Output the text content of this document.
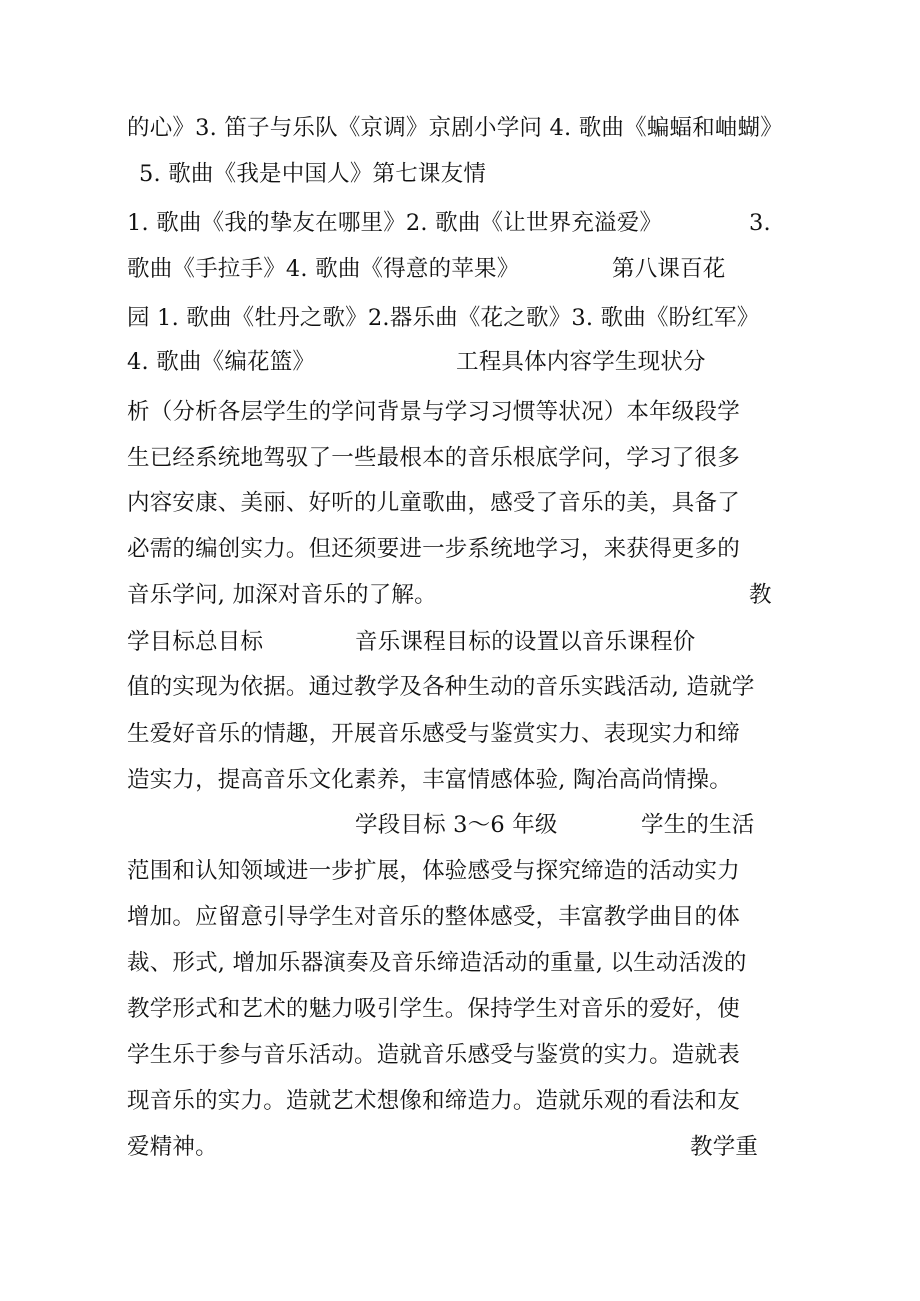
的心》3. 笛子与乐队《京调》京剧小学问 4. 歌曲《蝙蝠和岫蝴》
5. 歌曲《我是中国人》第七课友情
1. 歌曲《我的挚友在哪里》2. 歌曲《让世界充溢爱》	3.
歌曲《手拉手》4. 歌曲《得意的苹果》	第八课百花
园 1. 歌曲《牡丹之歌》2.器乐曲《花之歌》3. 歌曲《盼红军》
4. 歌曲《编花篮》	工程具体内容学生现状分
析（分析各层学生的学问背景与学习习惯等状况）本年级段学
生已经系统地驾驭了一些最根本的音乐根底学问，学习了很多
内容安康、美丽、好听的儿童歌曲，感受了音乐的美，具备了
必需的编创实力。但还须要进一步系统地学习，来获得更多的
音乐学问, 加深对音乐的了解。	教
学目标总目标	音乐课程目标的设置以音乐课程价
值的实现为依据。通过教学及各种生动的音乐实践活动, 造就学
生爱好音乐的情趣，开展音乐感受与鉴赏实力、表现实力和缔
造实力，提高音乐文化素养，丰富情感体验, 陶冶高尚情操。
学段目标 3～6 年级	学生的生活
范围和认知领域进一步扩展，体验感受与探究缔造的活动实力
增加。应留意引导学生对音乐的整体感受，丰富教学曲目的体
裁、形式, 增加乐器演奏及音乐缔造活动的重量, 以生动活泼的
教学形式和艺术的魅力吸引学生。保持学生对音乐的爱好，使
学生乐于参与音乐活动。造就音乐感受与鉴赏的实力。造就表
现音乐的实力。造就艺术想像和缔造力。造就乐观的看法和友
爱精神。	教学重
